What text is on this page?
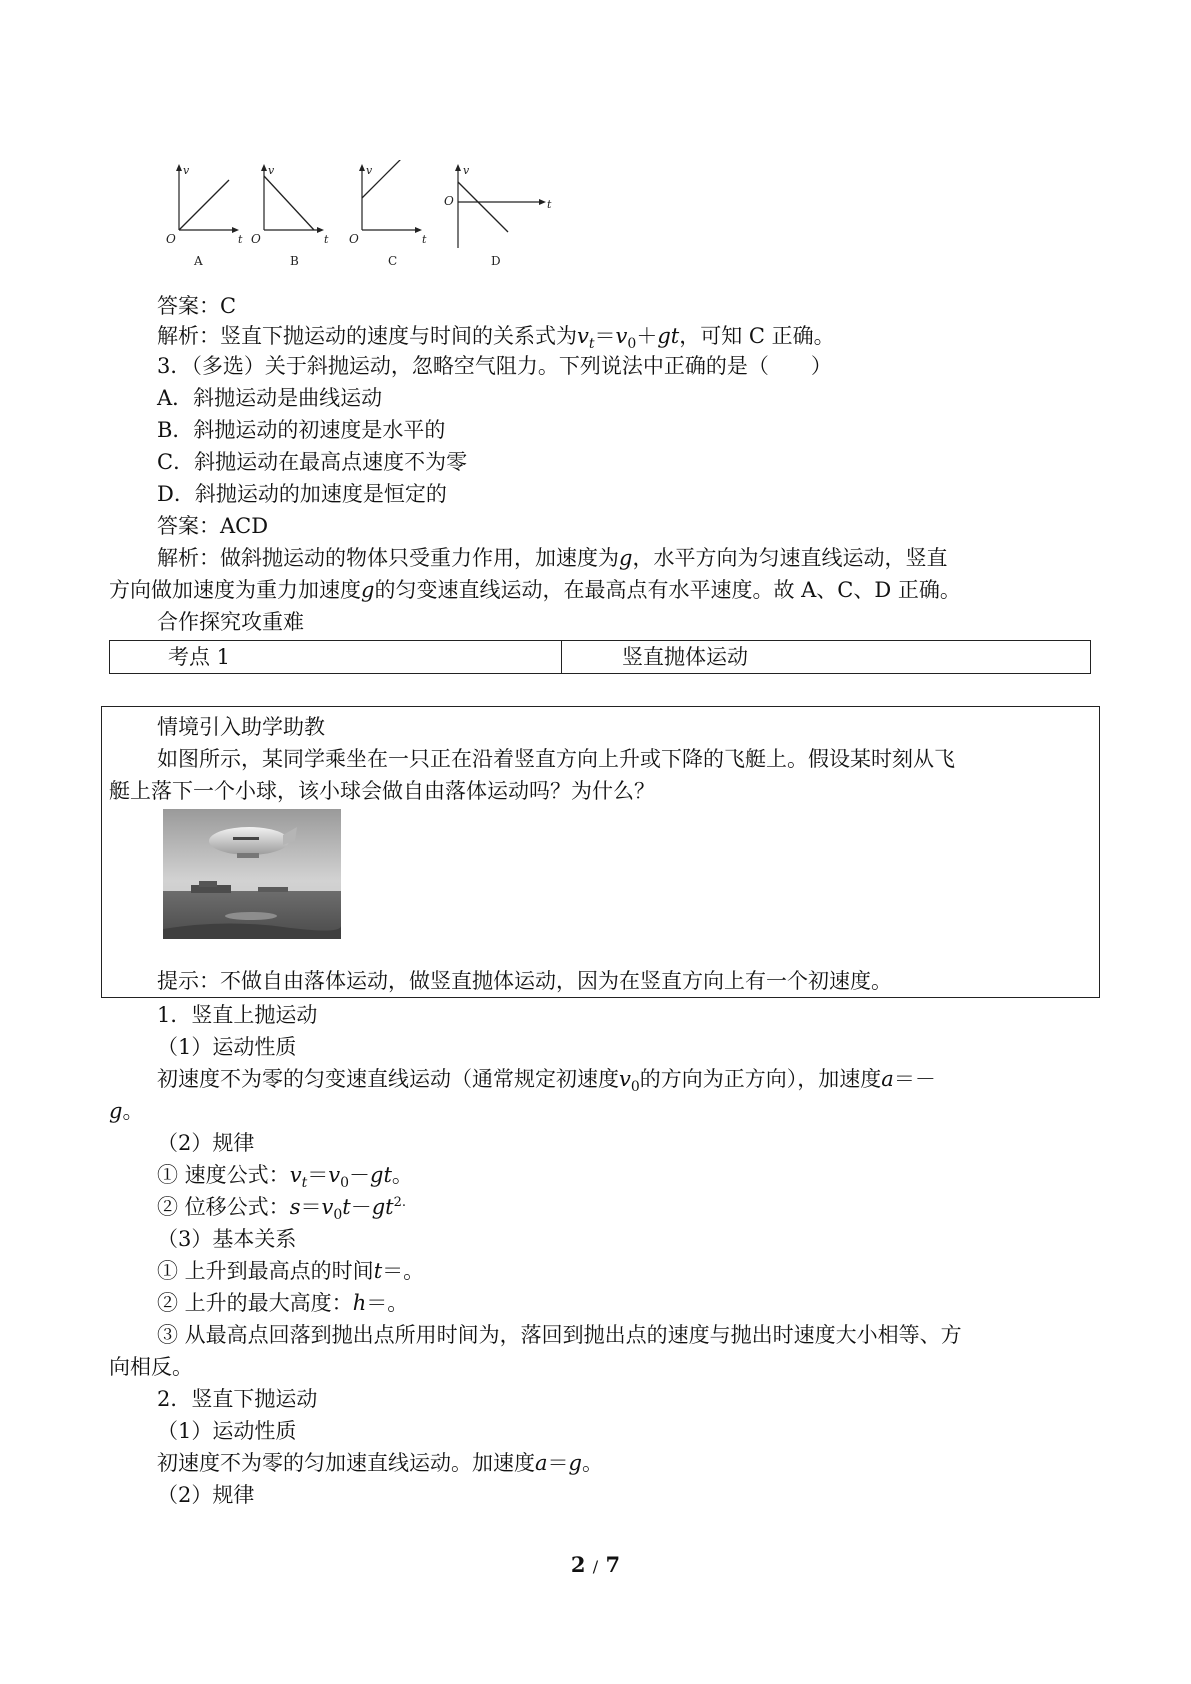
v
t
O
A
v
t
O
B
v
t
O
C
v
t
O
D
答案：C
解析：竖直下抛运动的速度与时间的关系式为$v_t=v_0+gt$，可知 C 正确。
3．（多选）关于斜抛运动，忽略空气阻力。下列说法中正确的是（　　）
A．斜抛运动是曲线运动
B．斜抛运动的初速度是水平的
C．斜抛运动在最高点速度不为零
D．斜抛运动的加速度是恒定的
答案：ACD
解析：做斜抛运动的物体只受重力作用，加速度为g，水平方向为匀速直线运动，竖直
方向做加速度为重力加速度g的匀变速直线运动，在最高点有水平速度。故 A、C、D 正确。
合作探究攻重难
考点 1	竖直抛体运动
情境引入助学助教
如图所示，某同学乘坐在一只正在沿着竖直方向上升或下降的飞艇上。假设某时刻从飞
艇上落下一个小球，该小球会做自由落体运动吗？为什么？
提示：不做自由落体运动，做竖直抛体运动，因为在竖直方向上有一个初速度。
1．竖直上抛运动
（1）运动性质
初速度不为零的匀变速直线运动（通常规定初速度$v_0$的方向为正方向），加速度a＝－
g。
（2）规律
① 速度公式：$v_t=v_0-gt$。
② 位移公式：$s=v_0t-gt^{2.}$
（3）基本关系
① 上升到最高点的时间t＝。
② 上升的最大高度：h＝。
③ 从最高点回落到抛出点所用时间为，落回到抛出点的速度与抛出时速度大小相等、方
向相反。
2．竖直下抛运动
（1）运动性质
初速度不为零的匀加速直线运动。加速度a＝g。
（2）规律
2 / 7
